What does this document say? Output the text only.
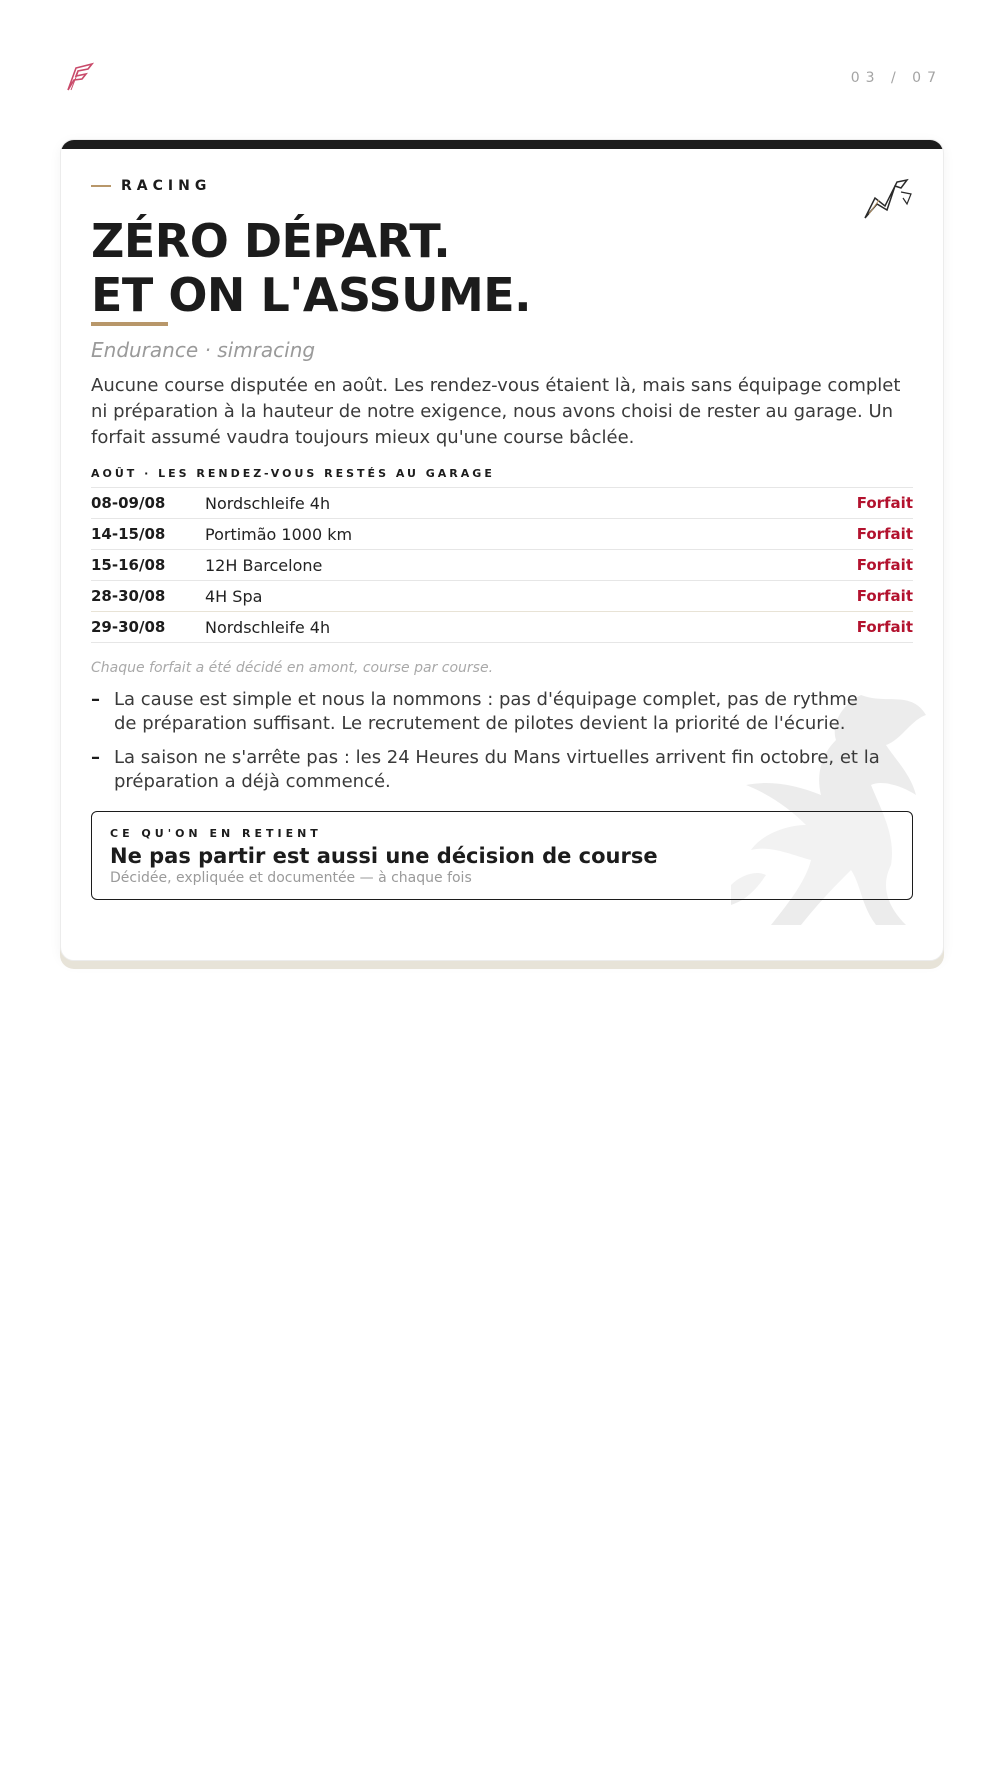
03 / 07
RACING
ZÉRO DÉPART.
ET ON L'ASSUME.
Endurance · simracing

Aucune course disputée en août. Les rendez-vous étaient là, mais sans équipage complet ni préparation à la hauteur de notre exigence, nous avons choisi de rester au garage. Un forfait assumé vaudra toujours mieux qu'une course bâclée.

AOÛT · LES RENDEZ-VOUS RESTÉS AU GARAGE
08-09/08	Nordschleife 4h	Forfait
14-15/08	Portimão 1000 km	Forfait
15-16/08	12H Barcelone	Forfait
28-30/08	4H Spa	Forfait
29-30/08	Nordschleife 4h	Forfait
Chaque forfait a été décidé en amont, course par course.
– La cause est simple et nous la nommons : pas d'équipage complet, pas de rythme de préparation suffisant. Le recrutement de pilotes devient la priorité de l'écurie.
– La saison ne s'arrête pas : les 24 Heures du Mans virtuelles arrivent fin octobre, et la préparation a déjà commencé.
CE QU'ON EN RETIENT
Ne pas partir est aussi une décision de course
Décidée, expliquée et documentée — à chaque fois
